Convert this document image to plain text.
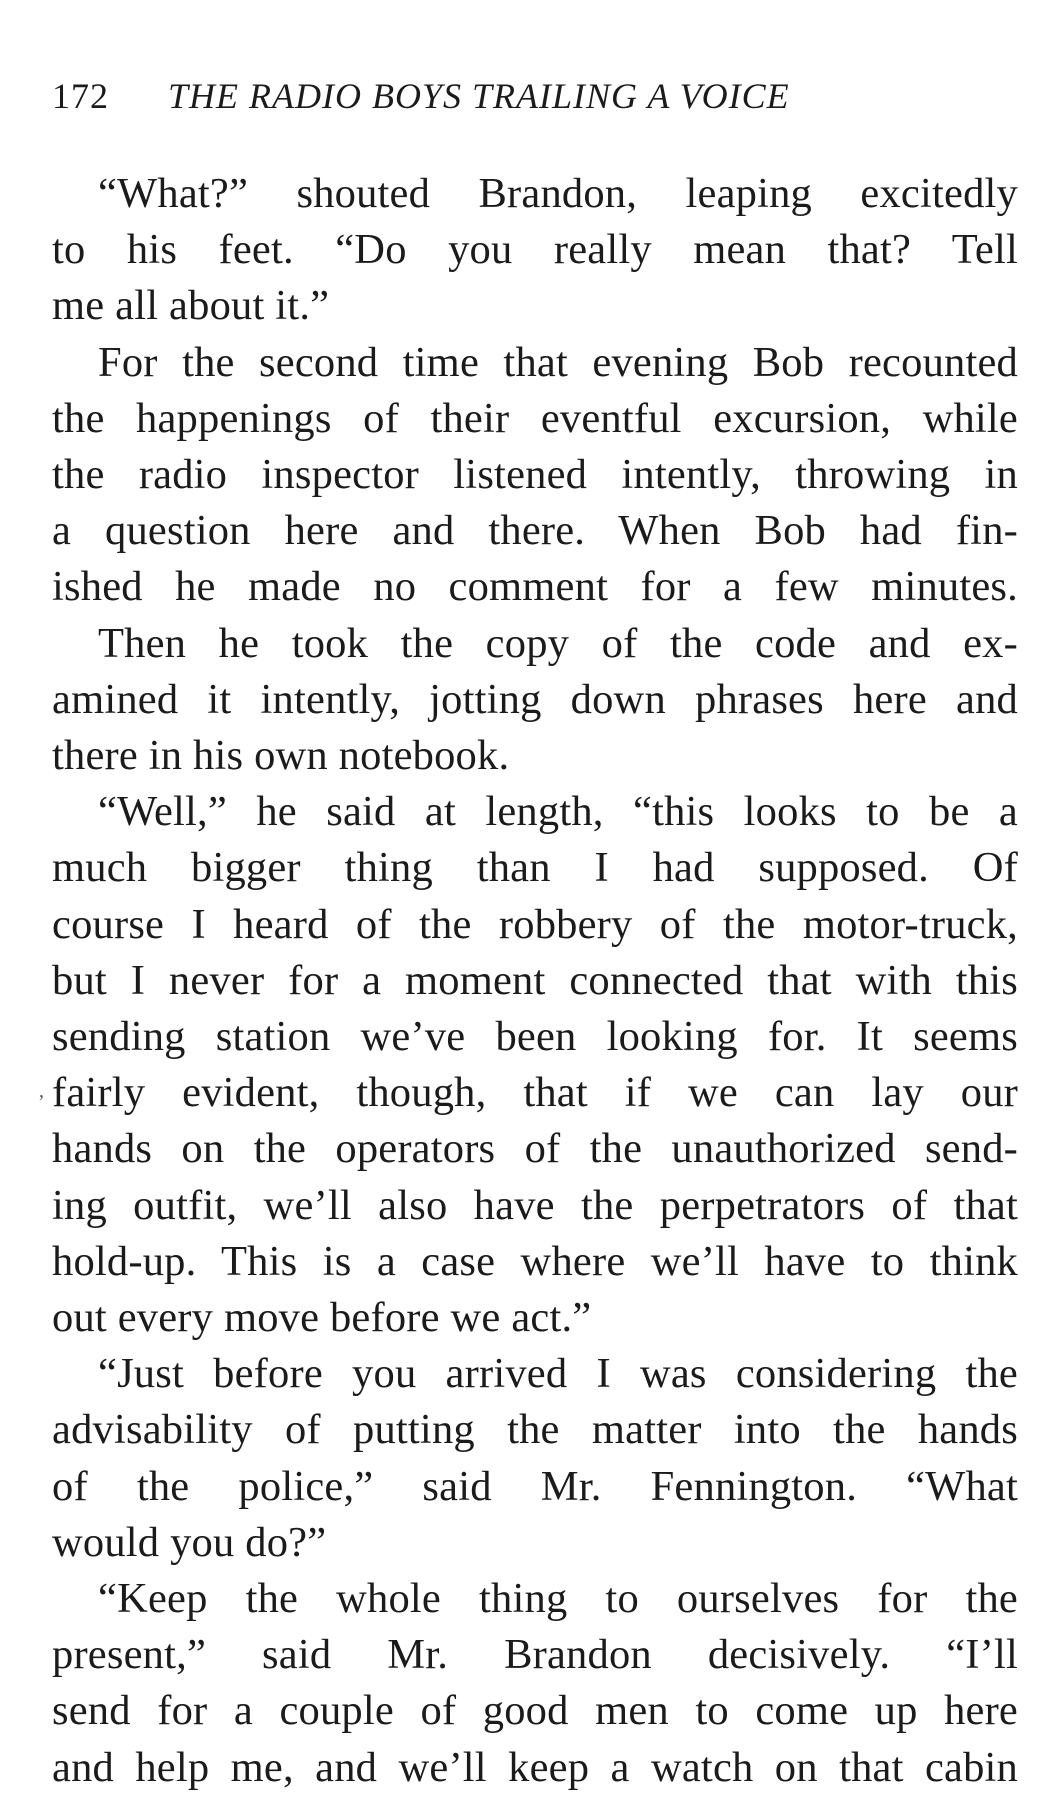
172 THE RADIO BOYS TRAILING A VOICE
“What?” shouted Brandon, leaping excitedly
to his feet. “Do you really mean that? Tell
me all about it.”
For the second time that evening Bob recounted
the happenings of their eventful excursion, while
the radio inspector listened intently, throwing in
a question here and there. When Bob had fin-
ished he made no comment for a few minutes.
Then he took the copy of the code and ex-
amined it intently, jotting down phrases here and
there in his own notebook.
“Well,” he said at length, “this looks to be a
much bigger thing than I had supposed. Of
course I heard of the robbery of the motor-truck,
but I never for a moment connected that with this
sending station we’ve been looking for. It seems
fairly evident, though, that if we can lay our
hands on the operators of the unauthorized send-
ing outfit, we’ll also have the perpetrators of that
hold-up. This is a case where we’ll have to think
out every move before we act.”
“Just before you arrived I was considering the
advisability of putting the matter into the hands
of the police,” said Mr. Fennington. “What
would you do?”
“Keep the whole thing to ourselves for the
present,” said Mr. Brandon decisively. “I’ll
send for a couple of good men to come up here
and help me, and we’ll keep a watch on that cabin
,
